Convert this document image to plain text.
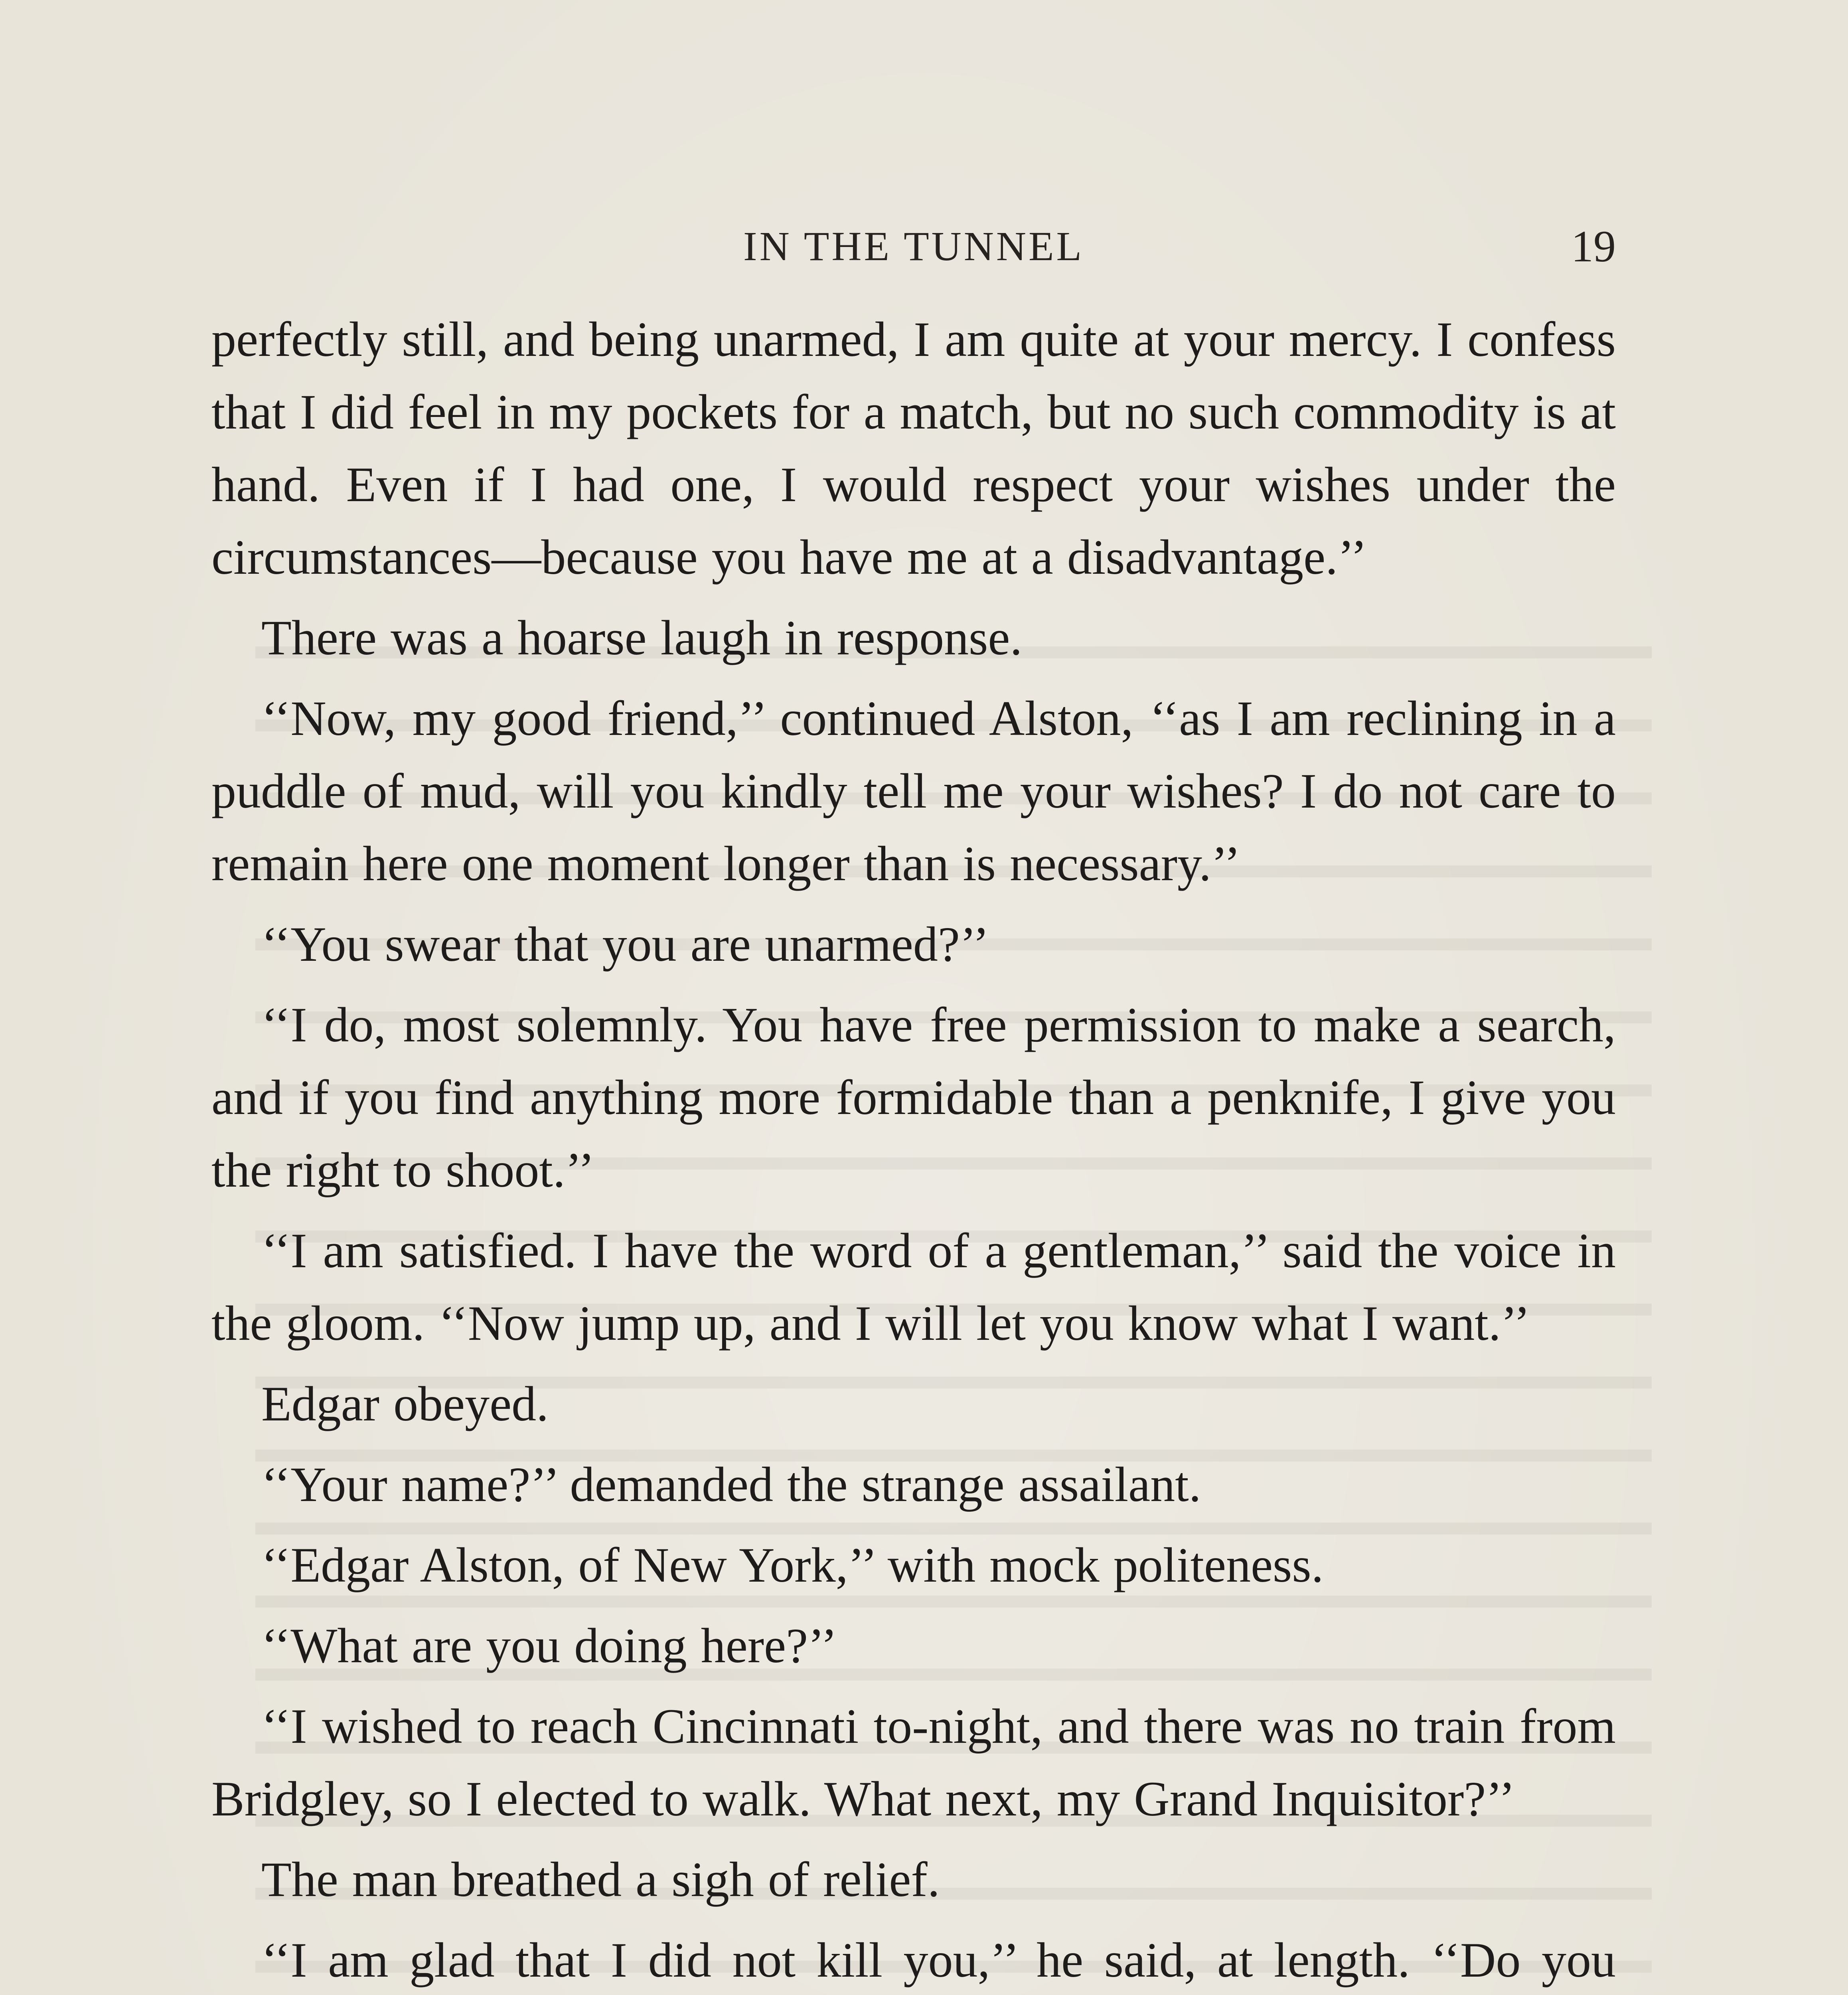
IN THE TUNNEL	19

perfectly still, and being unarmed, I am quite at your mercy. I confess that I did feel in my pockets for a match, but no such commodity is at hand. Even if I had one, I would respect your wishes under the circumstances—because you have me at a disadvantage.’’

There was a hoarse laugh in response.

‘‘Now, my good friend,’’ continued Alston, ‘‘as I am reclining in a puddle of mud, will you kindly tell me your wishes? I do not care to remain here one moment longer than is necessary.’’

‘‘You swear that you are unarmed?’’

‘‘I do, most solemnly. You have free permission to make a search, and if you find anything more formidable than a penknife, I give you the right to shoot.’’

‘‘I am satisfied. I have the word of a gentleman,’’ said the voice in the gloom. ‘‘Now jump up, and I will let you know what I want.’’

Edgar obeyed.

‘‘Your name?’’ demanded the strange assailant.

‘‘Edgar Alston, of New York,’’ with mock politeness.

‘‘What are you doing here?’’

‘‘I wished to reach Cincinnati to-night, and there was no train from Bridgley, so I elected to walk. What next, my Grand Inquisitor?’’

The man breathed a sigh of relief.

‘‘I am glad that I did not kill you,’’ he said, at length. ‘‘Do you
